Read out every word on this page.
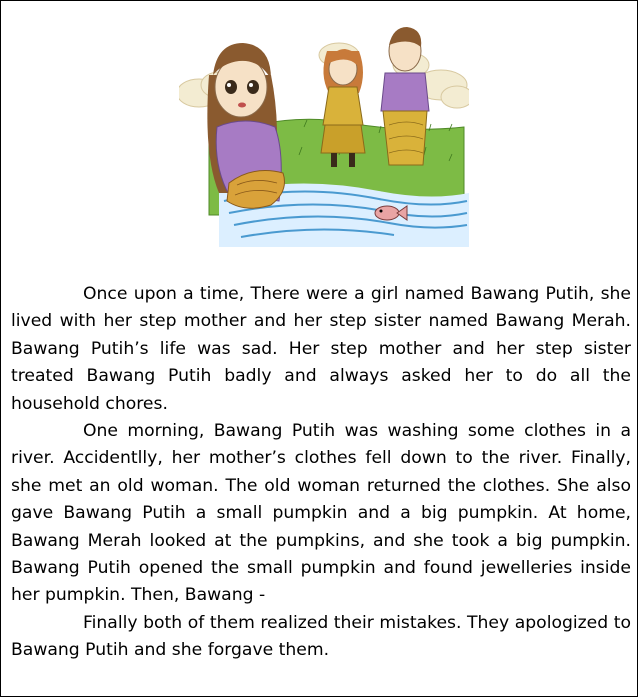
Once upon a time, There were a girl named Bawang Putih, she lived with her step mother and her step sister named Bawang Merah. Bawang Putih’s life was sad. Her step mother and her step sister treated Bawang Putih badly and always asked her to do all the household chores.

One morning, Bawang Putih was washing some clothes in a river. Accidentlly, her mother’s clothes fell down to the river. Finally, she met an old woman. The old woman returned the clothes. She also gave Bawang Putih a small pumpkin and a big pumpkin. At home, Bawang Merah looked at the pumpkins, and she took a big pumpkin. Bawang Putih opened the small pumpkin and found jewelleries inside her pumpkin. Then, Bawang -

Finally both of them realized their mistakes. They apologized to Bawang Putih and she forgave them.
